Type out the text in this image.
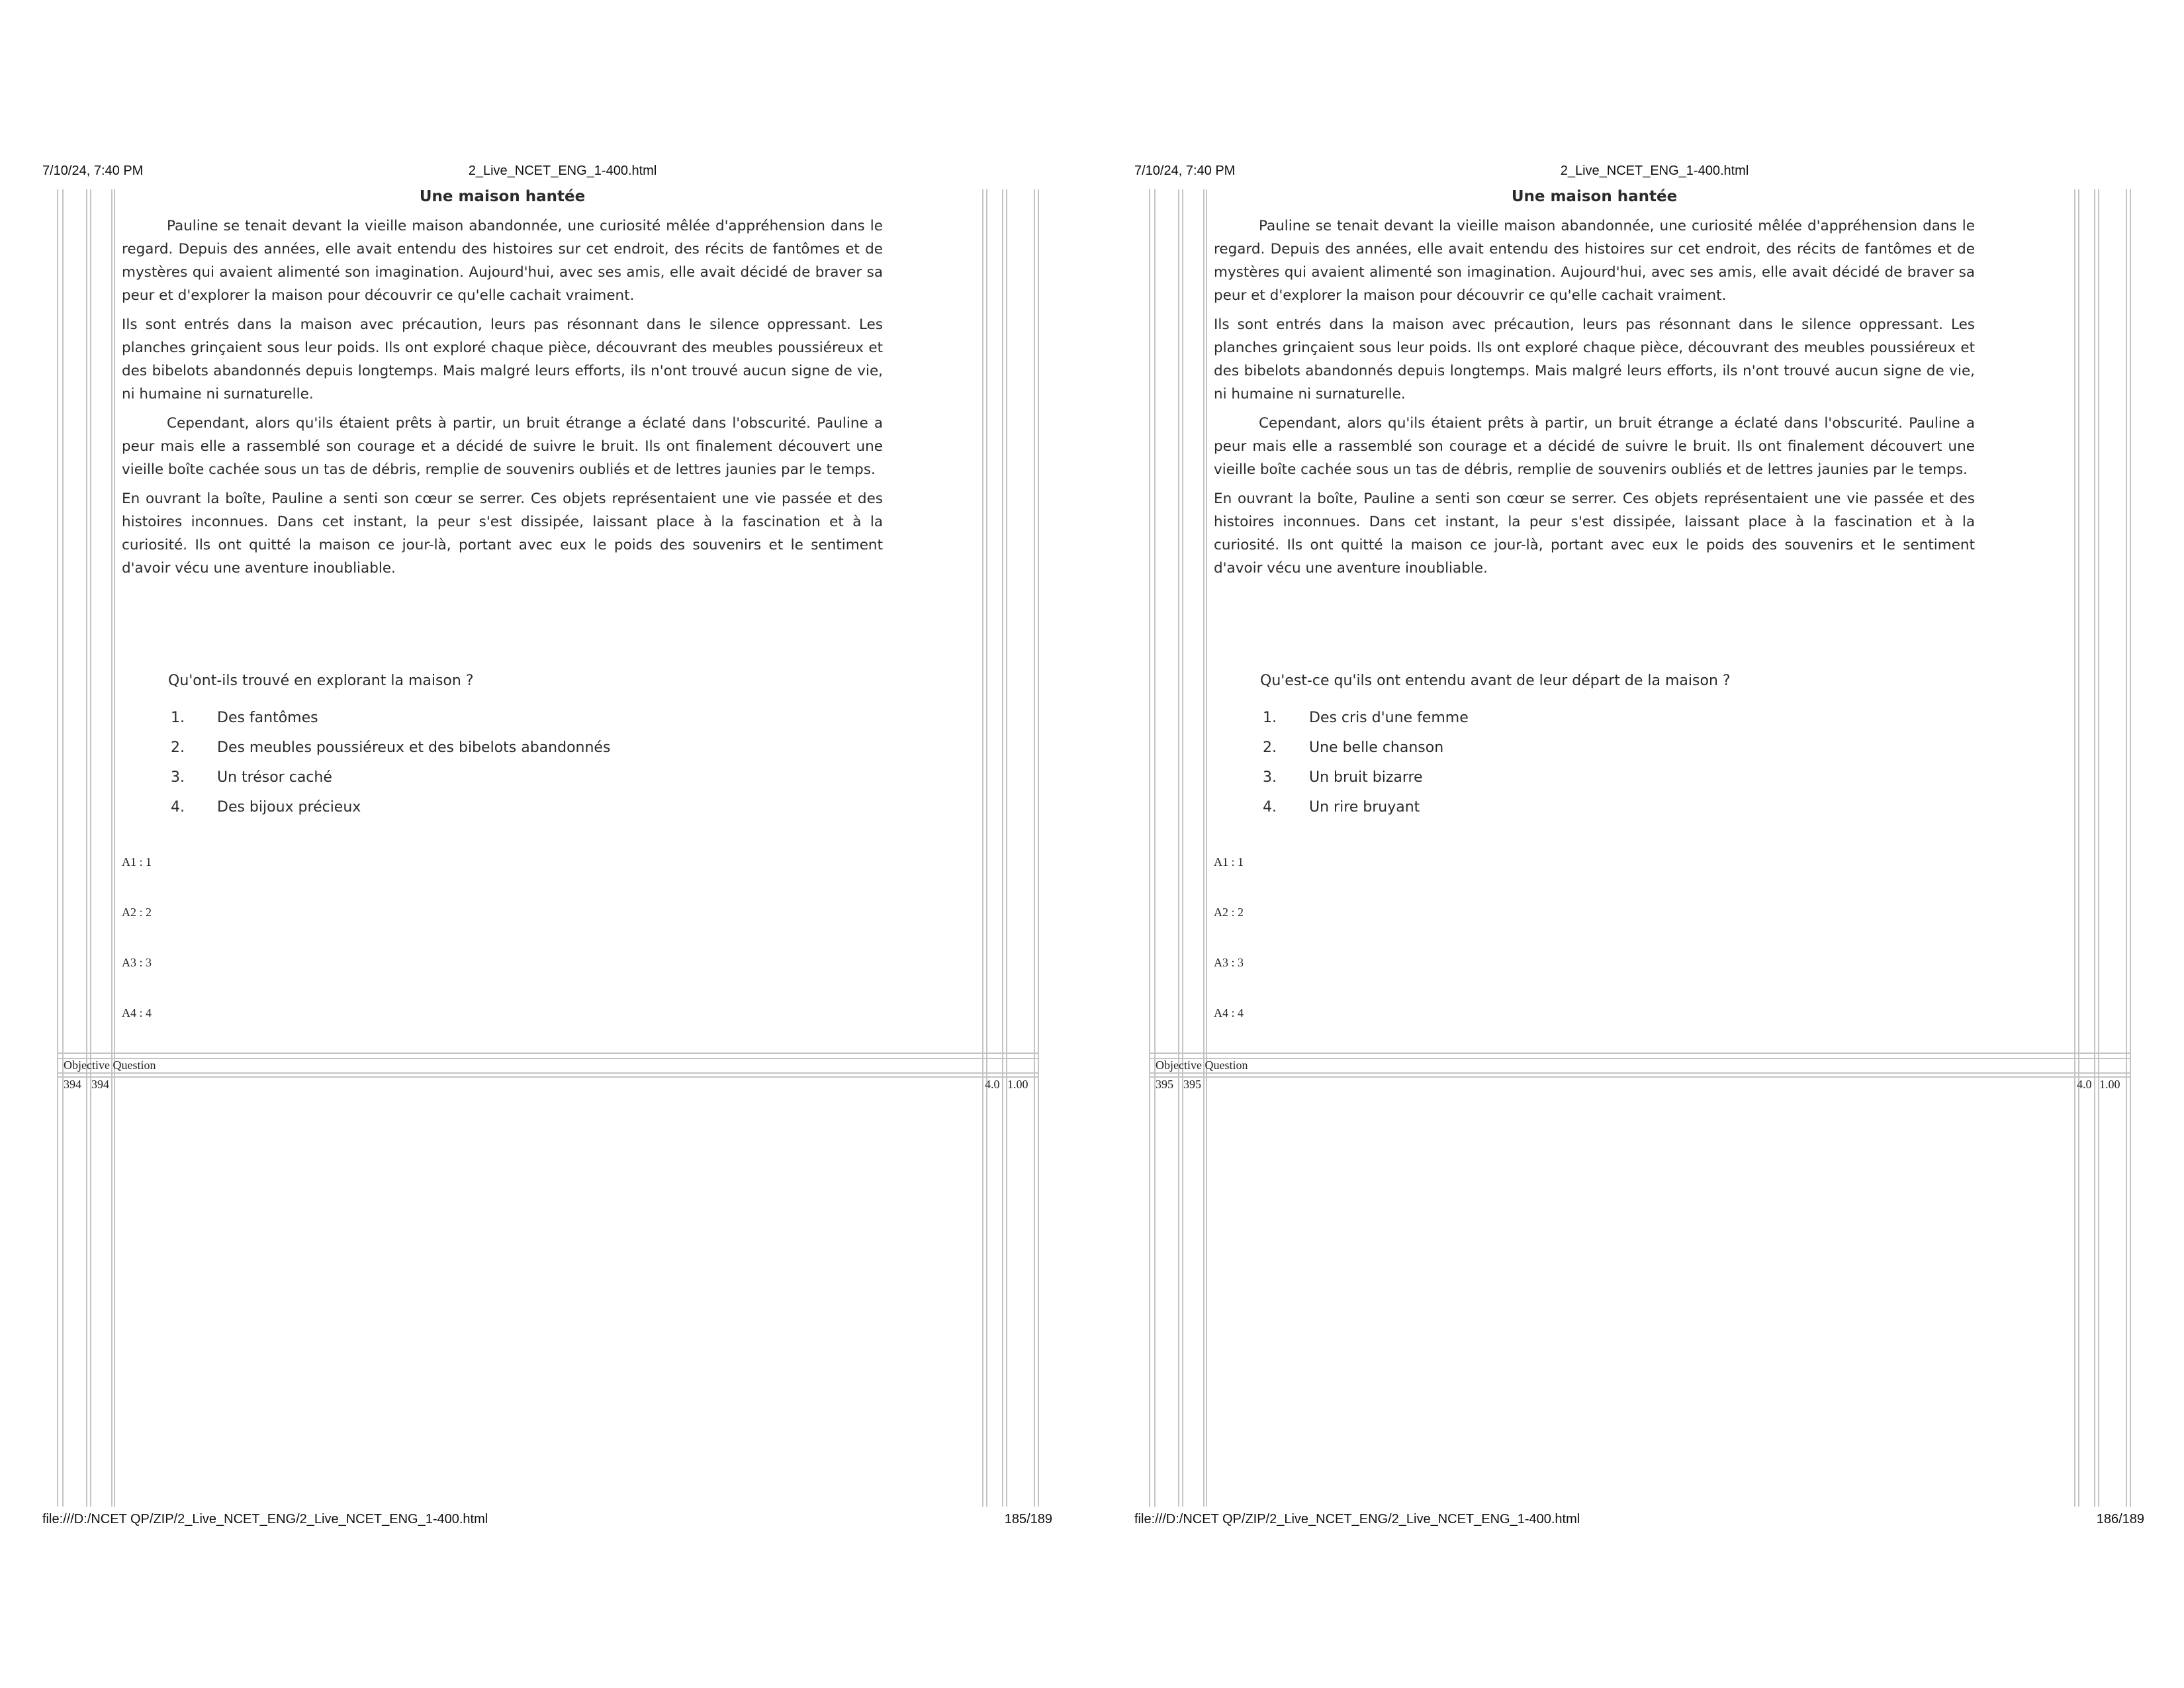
7/10/24, 7:40 PM	2_Live_NCET_ENG_1-400.html
Une maison hantée

Pauline se tenait devant la vieille maison abandonnée, une curiosité mêlée d'appréhension dans le regard. Depuis des années, elle avait entendu des histoires sur cet endroit, des récits de fantômes et de mystères qui avaient alimenté son imagination. Aujourd'hui, avec ses amis, elle avait décidé de braver sa peur et d'explorer la maison pour découvrir ce qu'elle cachait vraiment.

Ils sont entrés dans la maison avec précaution, leurs pas résonnant dans le silence oppressant. Les planches grinçaient sous leur poids. Ils ont exploré chaque pièce, découvrant des meubles poussiéreux et des bibelots abandonnés depuis longtemps. Mais malgré leurs efforts, ils n'ont trouvé aucun signe de vie, ni humaine ni surnaturelle.

Cependant, alors qu'ils étaient prêts à partir, un bruit étrange a éclaté dans l'obscurité. Pauline a peur mais elle a rassemblé son courage et a décidé de suivre le bruit. Ils ont finalement découvert une vieille boîte cachée sous un tas de débris, remplie de souvenirs oubliés et de lettres jaunies par le temps.

En ouvrant la boîte, Pauline a senti son cœur se serrer. Ces objets représentaient une vie passée et des histoires inconnues. Dans cet instant, la peur s'est dissipée, laissant place à la fascination et à la curiosité. Ils ont quitté la maison ce jour-là, portant avec eux le poids des souvenirs et le sentiment d'avoir vécu une aventure inoubliable.

Qu'ont-ils trouvé en explorant la maison ?
1.	Des fantômes
2.	Des meubles poussiéreux et des bibelots abandonnés
3.	Un trésor caché
4.	Des bijoux précieux
A1 : 1
A2 : 2
A3 : 3
A4 : 4
Objective Question
394 394	4.0 1.00
file:///D:/NCET QP/ZIP/2_Live_NCET_ENG/2_Live_NCET_ENG_1-400.html	185/189
7/10/24, 7:40 PM	2_Live_NCET_ENG_1-400.html
Une maison hantée

Pauline se tenait devant la vieille maison abandonnée, une curiosité mêlée d'appréhension dans le regard. Depuis des années, elle avait entendu des histoires sur cet endroit, des récits de fantômes et de mystères qui avaient alimenté son imagination. Aujourd'hui, avec ses amis, elle avait décidé de braver sa peur et d'explorer la maison pour découvrir ce qu'elle cachait vraiment.

Ils sont entrés dans la maison avec précaution, leurs pas résonnant dans le silence oppressant. Les planches grinçaient sous leur poids. Ils ont exploré chaque pièce, découvrant des meubles poussiéreux et des bibelots abandonnés depuis longtemps. Mais malgré leurs efforts, ils n'ont trouvé aucun signe de vie, ni humaine ni surnaturelle.

Cependant, alors qu'ils étaient prêts à partir, un bruit étrange a éclaté dans l'obscurité. Pauline a peur mais elle a rassemblé son courage et a décidé de suivre le bruit. Ils ont finalement découvert une vieille boîte cachée sous un tas de débris, remplie de souvenirs oubliés et de lettres jaunies par le temps.

En ouvrant la boîte, Pauline a senti son cœur se serrer. Ces objets représentaient une vie passée et des histoires inconnues. Dans cet instant, la peur s'est dissipée, laissant place à la fascination et à la curiosité. Ils ont quitté la maison ce jour-là, portant avec eux le poids des souvenirs et le sentiment d'avoir vécu une aventure inoubliable.

Qu'est-ce qu'ils ont entendu avant de leur départ de la maison ?
1.	Des cris d'une femme
2.	Une belle chanson
3.	Un bruit bizarre
4.	Un rire bruyant
A1 : 1
A2 : 2
A3 : 3
A4 : 4
Objective Question
395 395	4.0 1.00
file:///D:/NCET QP/ZIP/2_Live_NCET_ENG/2_Live_NCET_ENG_1-400.html	186/189
